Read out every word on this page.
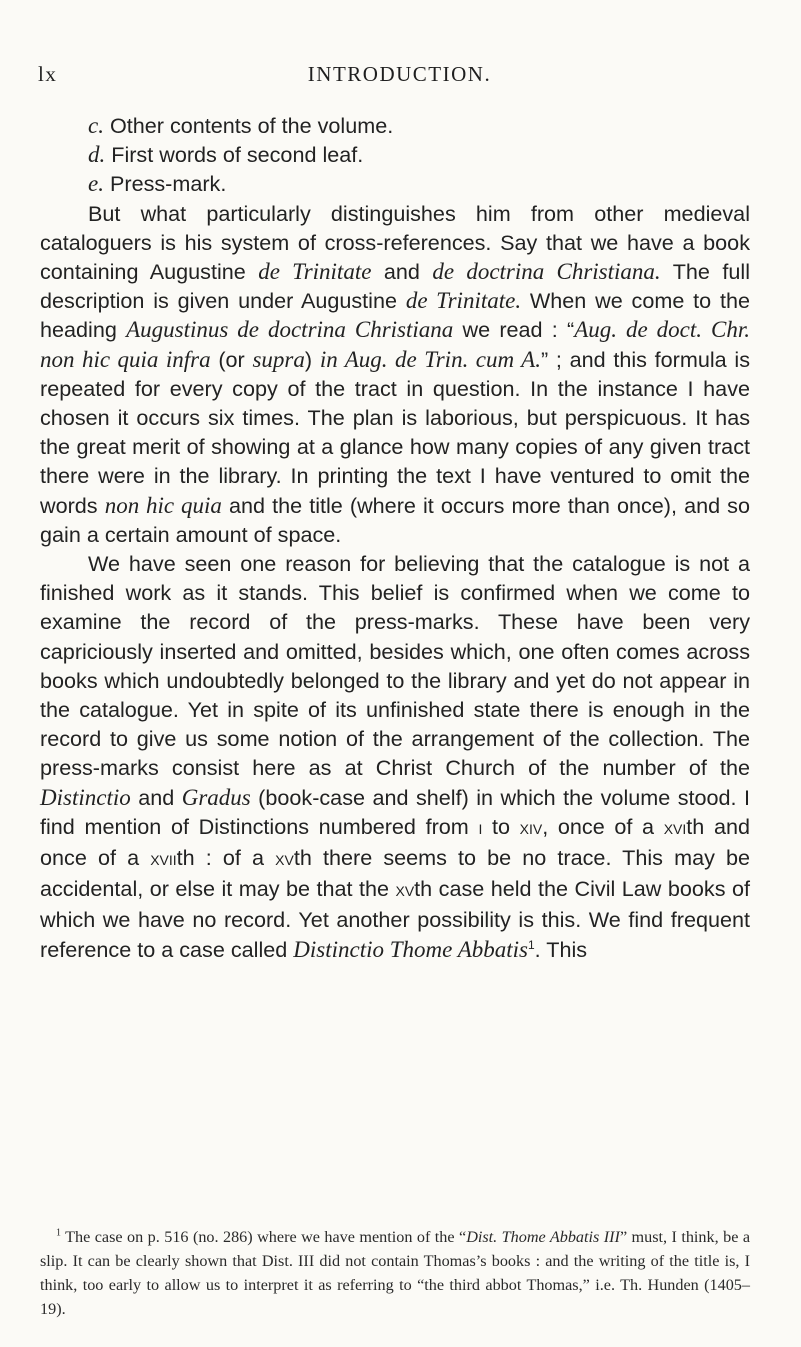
lx	INTRODUCTION.
c. Other contents of the volume.
d. First words of second leaf.
e. Press-mark.
But what particularly distinguishes him from other medieval cataloguers is his system of cross-references. Say that we have a book containing Augustine de Trinitate and de doctrina Christiana. The full description is given under Augustine de Trinitate. When we come to the heading Augustinus de doctrina Christiana we read : “Aug. de doct. Chr. non hic quia infra (or supra) in Aug. de Trin. cum A.” ; and this formula is repeated for every copy of the tract in question. In the instance I have chosen it occurs six times. The plan is laborious, but perspicuous. It has the great merit of showing at a glance how many copies of any given tract there were in the library. In printing the text I have ventured to omit the words non hic quia and the title (where it occurs more than once), and so gain a certain amount of space.
We have seen one reason for believing that the catalogue is not a finished work as it stands. This belief is confirmed when we come to examine the record of the press-marks. These have been very capriciously inserted and omitted, besides which, one often comes across books which undoubtedly belonged to the library and yet do not appear in the catalogue. Yet in spite of its unfinished state there is enough in the record to give us some notion of the arrangement of the collection. The press-marks consist here as at Christ Church of the number of the Distinctio and Gradus (book-case and shelf) in which the volume stood. I find mention of Distinctions numbered from i to xiv, once of a xvith and once of a xviith : of a xvth there seems to be no trace. This may be accidental, or else it may be that the xvth case held the Civil Law books of which we have no record. Yet another possibility is this. We find frequent reference to a case called Distinctio Thome Abbatis$^1$. This

$^1$ The case on p. 516 (no. 286) where we have mention of the “Dist. Thome Abbatis III” must, I think, be a slip. It can be clearly shown that Dist. III did not contain Thomas’s books : and the writing of the title is, I think, too early to allow us to interpret it as referring to “the third abbot Thomas,” i.e. Th. Hunden (1405–19).
